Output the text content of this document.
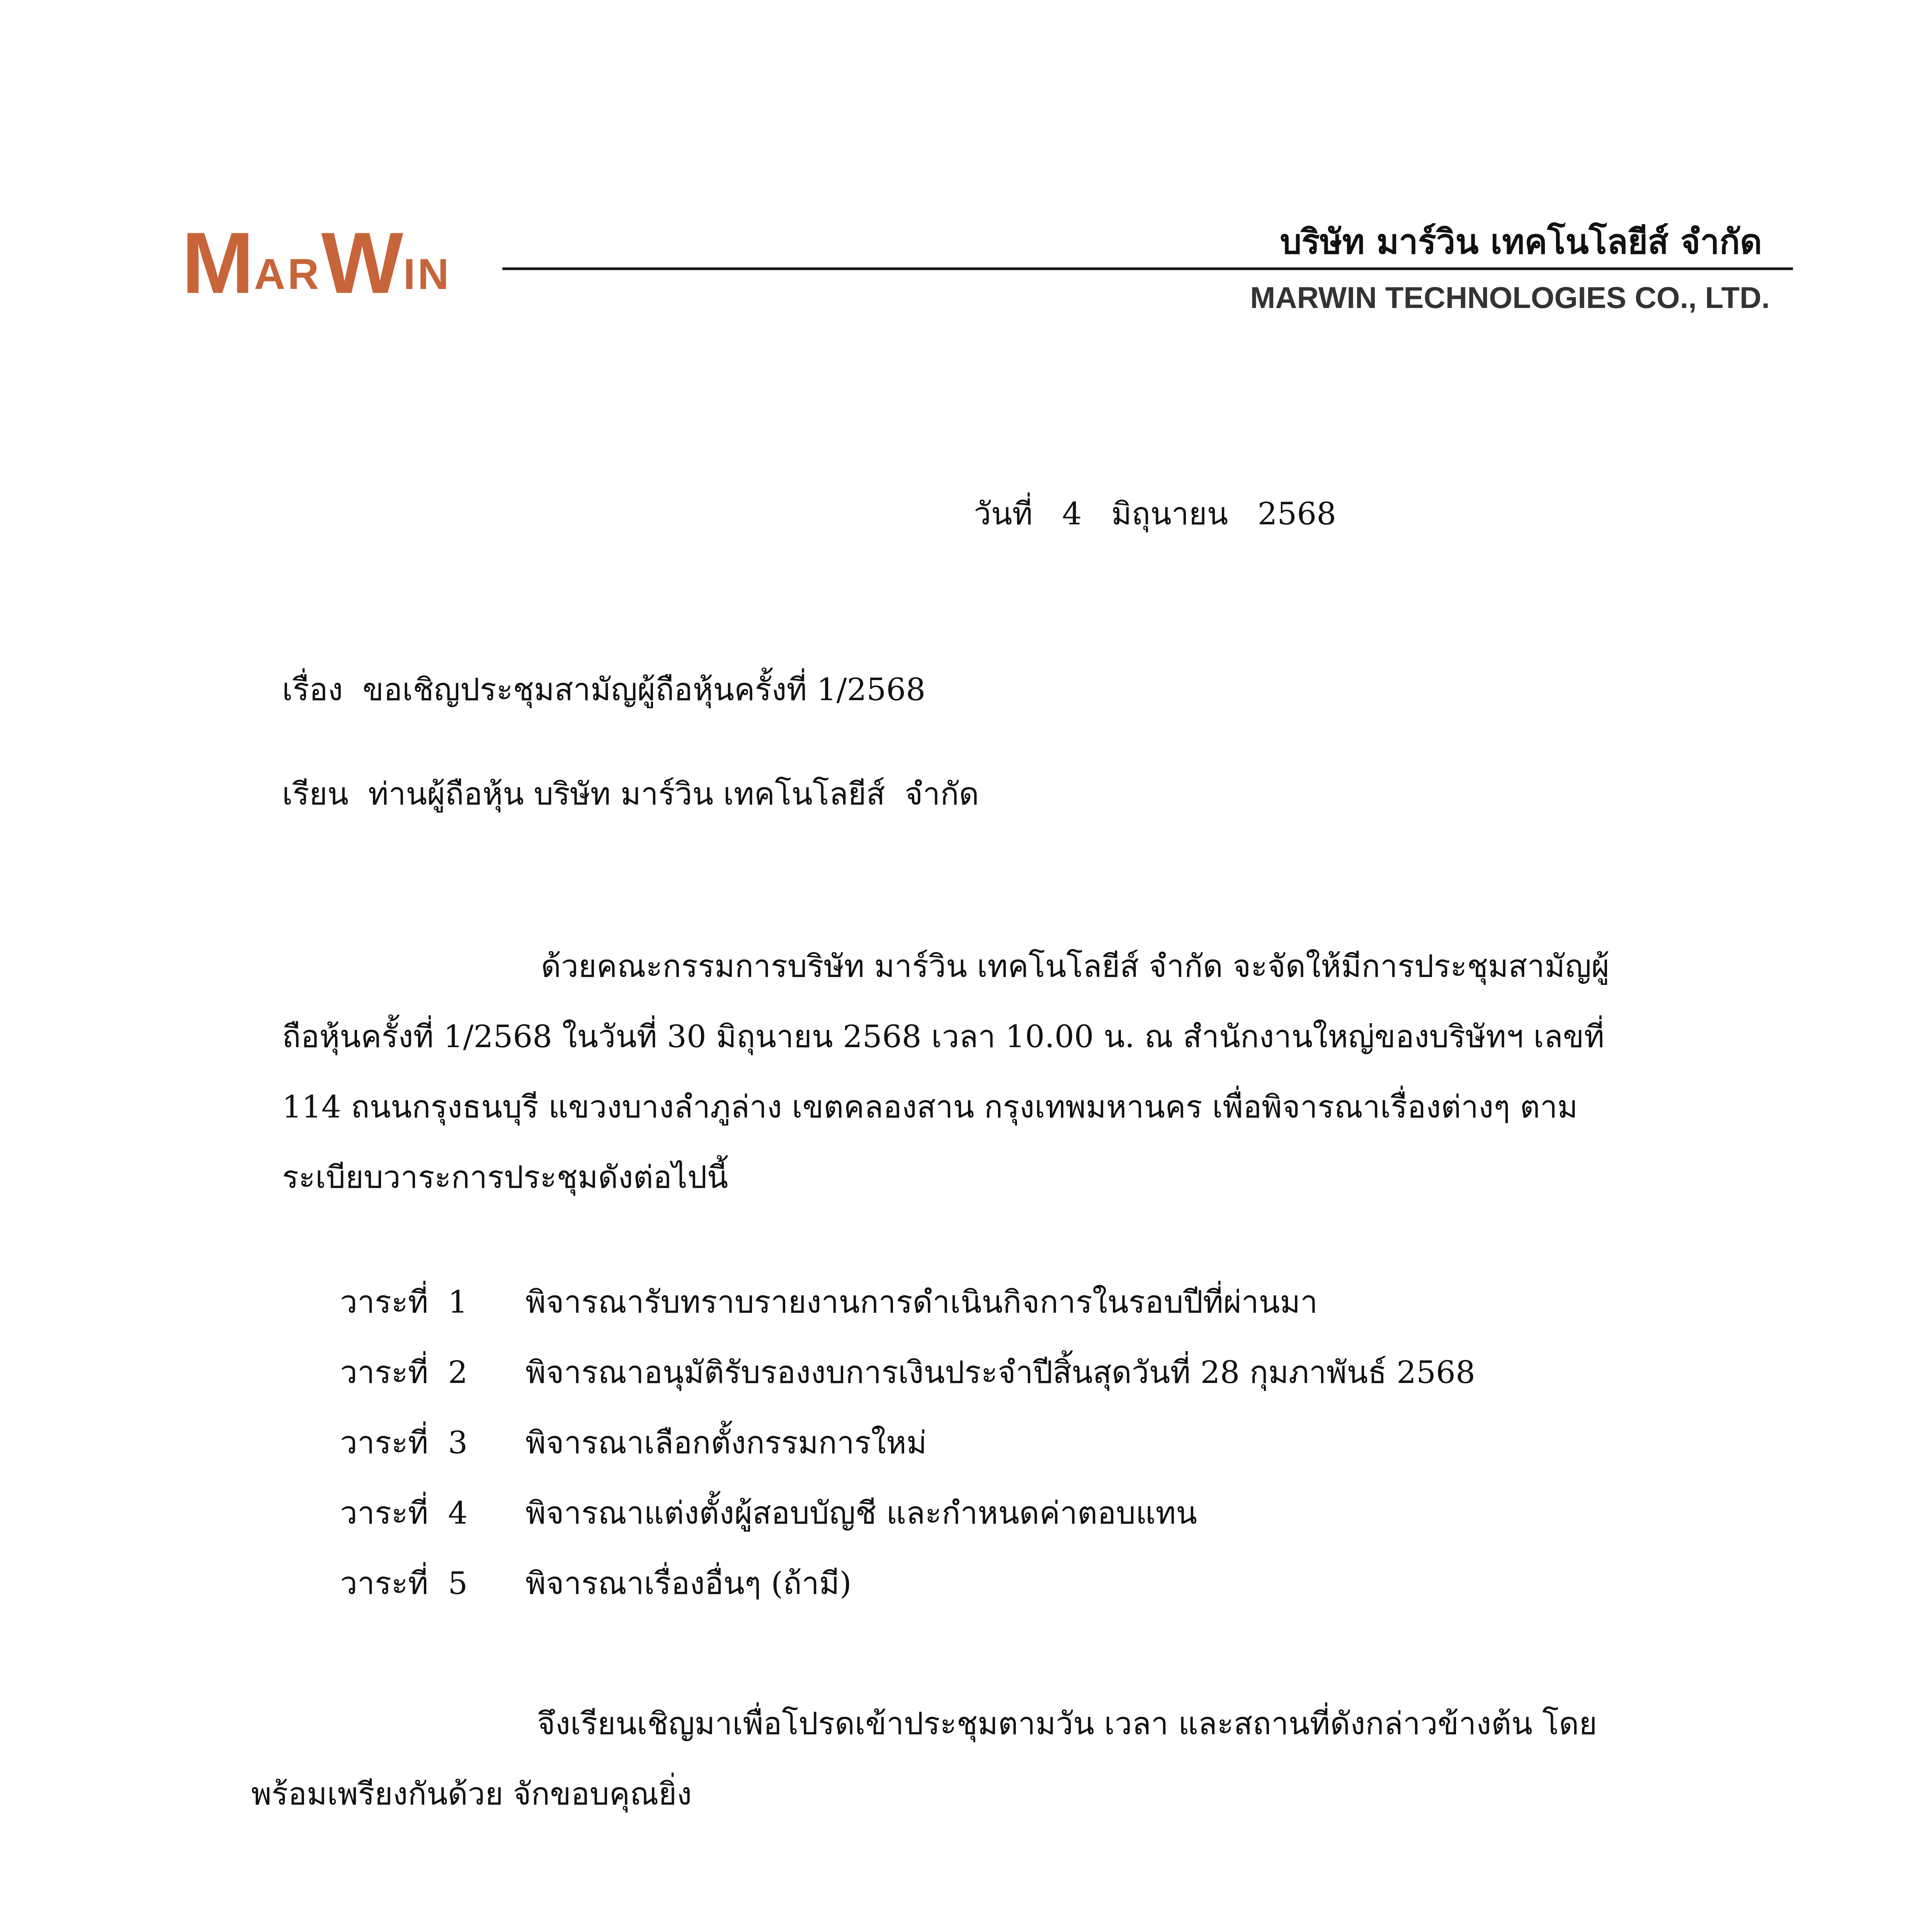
M AR W IN
บริษัท มาร์วิน เทคโนโลยีส์ จำกัด
MARWIN TECHNOLOGIES CO., LTD.
วันที่   4   มิถุนายน   2568
เรื่อง  ขอเชิญประชุมสามัญผู้ถือหุ้นครั้งที่ 1/2568
เรียน  ท่านผู้ถือหุ้น บริษัท มาร์วิน เทคโนโลยีส์  จำกัด
ด้วยคณะกรรมการบริษัท มาร์วิน เทคโนโลยีส์ จำกัด จะจัดให้มีการประชุมสามัญผู้ถือหุ้นครั้งที่ 1/2568 ในวันที่ 30 มิถุนายน 2568 เวลา 10.00 น. ณ สำนักงานใหญ่ของบริษัทฯ เลขที่ 114 ถนนกรุงธนบุรี แขวงบางลำภูล่าง เขตคลองสาน กรุงเทพมหานคร เพื่อพิจารณาเรื่องต่างๆ ตามระเบียบวาระการประชุมดังต่อไปนี้
วาระที่  1	พิจารณารับทราบรายงานการดำเนินกิจการในรอบปีที่ผ่านมา
วาระที่  2	พิจารณาอนุมัติรับรองงบการเงินประจำปีสิ้นสุดวันที่ 28 กุมภาพันธ์ 2568
วาระที่  3	พิจารณาเลือกตั้งกรรมการใหม่
วาระที่  4	พิจารณาแต่งตั้งผู้สอบบัญชี และกำหนดค่าตอบแทน
วาระที่  5	พิจารณาเรื่องอื่นๆ (ถ้ามี)
จึงเรียนเชิญมาเพื่อโปรดเข้าประชุมตามวัน เวลา และสถานที่ดังกล่าวข้างต้น โดยพร้อมเพรียงกันด้วย จักขอบคุณยิ่ง
